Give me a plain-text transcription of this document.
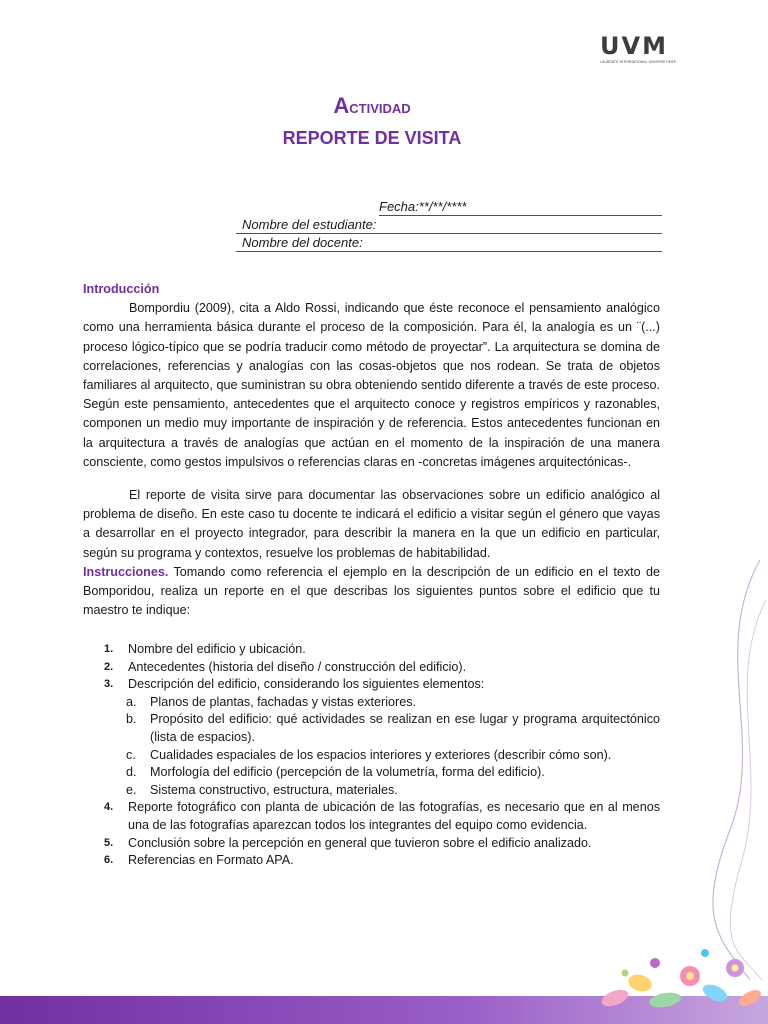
UVM
LAUREATE INTERNATIONAL UNIVERSITIES®
Actividad
REPORTE DE VISITA
Fecha:**/**/****
Nombre del estudiante:
Nombre del docente:
Introducción
Bompordiu (2009), cita a Aldo Rossi, indicando que éste reconoce el pensamiento analógico como una herramienta básica durante el proceso de la composición. Para él, la analogía es un ¨(...) proceso lógico-típico que se podría traducir como método de proyectar”. La arquitectura se domina de correlaciones, referencias y analogías con las cosas-objetos que nos rodean. Se trata de objetos familiares al arquitecto, que suministran su obra obteniendo sentido diferente a través de este proceso. Según este pensamiento, antecedentes que el arquitecto conoce y registros empíricos y razonables, componen un medio muy importante de inspiración y de referencia. Estos antecedentes funcionan en la arquitectura a través de analogías que actúan en el momento de la inspiración de una manera consciente, como gestos impulsivos o referencias claras en -concretas imágenes arquitectónicas-.
El reporte de visita sirve para documentar las observaciones sobre un edificio analógico al problema de diseño. En este caso tu docente te indicará el edificio a visitar según el género que vayas a desarrollar en el proyecto integrador, para describir la manera en la que un edificio en particular, según su programa y contextos, resuelve los problemas de habitabilidad.
Instrucciones. Tomando como referencia el ejemplo en la descripción de un edificio en el texto de Bomporidou, realiza un reporte en el que describas los siguientes puntos sobre el edificio que tu maestro te indique:
1. Nombre del edificio y ubicación.
2. Antecedentes (historia del diseño / construcción del edificio).
3. Descripción del edificio, considerando los siguientes elementos:
a. Planos de plantas, fachadas y vistas exteriores.
b. Propósito del edificio: qué actividades se realizan en ese lugar y programa arquitectónico (lista de espacios).
c. Cualidades espaciales de los espacios interiores y exteriores (describir cómo son).
d. Morfología del edificio (percepción de la volumetría, forma del edificio).
e. Sistema constructivo, estructura, materiales.
4. Reporte fotográfico con planta de ubicación de las fotografías, es necesario que en al menos una de las fotografías aparezcan todos los integrantes del equipo como evidencia.
5. Conclusión sobre la percepción en general que tuvieron sobre el edificio analizado.
6. Referencias en Formato APA.
